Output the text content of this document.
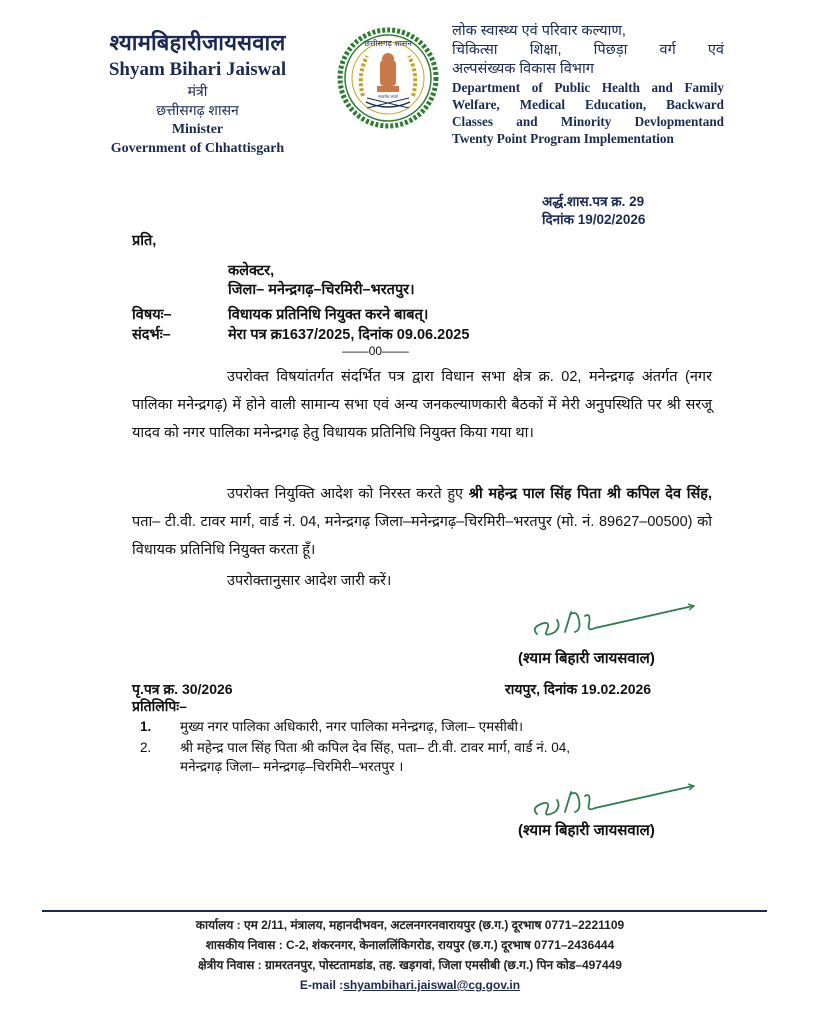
श्यामबिहारीजायसवाल
Shyam Bihari Jaiswal
मंत्री
छत्तीसगढ़ शासन
Minister
Government of Chhattisgarh
छत्तीसगढ़ शासन
सत्यमेव जयते
लोक स्वास्थ्य एवं परिवार कल्याण,
चिकित्सा शिक्षा, पिछड़ा वर्ग एवं
अल्पसंख्यक विकास विभाग
Department of Public Health and Family
Welfare, Medical Education, Backward
Classes and Minority Devlopmentand
Twenty Point Program Implementation
अर्द्ध.शास.पत्र क्र. 29
दिनांक 19/02/2026
प्रति,
कलेक्टर,
जिला– मनेन्द्रगढ़–चिरमिरी–भरतपुर।
विषयः–	विधायक प्रतिनिधि नियुक्त करने बाबत्।
संदर्भः–	मेरा पत्र क्र1637/2025, दिनांक 09.06.2025
––––00––––
उपरोक्त विषयांतर्गत संदर्भित पत्र द्वारा विधान सभा क्षेत्र क्र. 02, मनेन्द्रगढ़ अंतर्गत (नगर पालिका मनेन्द्रगढ़) में होने वाली सामान्य सभा एवं अन्य जनकल्याणकारी बैठकों में मेरी अनुपस्थिति पर श्री सरजू यादव को नगर पालिका मनेन्द्रगढ़ हेतु विधायक प्रतिनिधि नियुक्त किया गया था।
उपरोक्त नियुक्ति आदेश को निरस्त करते हुए श्री महेन्द्र पाल सिंह पिता श्री कपिल देव सिंह, पता– टी.वी. टावर मार्ग, वार्ड नं. 04, मनेन्द्रगढ़ जिला–मनेन्द्रगढ़–चिरमिरी–भरतपुर (मो. नं. 89627–00500) को विधायक प्रतिनिधि नियुक्त करता हूँ।
उपरोक्तानुसार आदेश जारी करें।
(श्याम बिहारी जायसवाल)
पृ.पत्र क्र. 30/2026	रायपुर, दिनांक 19.02.2026
प्रतिलिपिः–
1. मुख्य नगर पालिका अधिकारी, नगर पालिका मनेन्द्रगढ़, जिला– एमसीबी।
2. श्री महेन्द्र पाल सिंह पिता श्री कपिल देव सिंह, पता– टी.वी. टावर मार्ग, वार्ड नं. 04,
मनेन्द्रगढ़ जिला– मनेन्द्रगढ़–चिरमिरी–भरतपुर ।
(श्याम बिहारी जायसवाल)
कार्यालय : एम 2/11, मंत्रालय, महानदीभवन, अटलनगरनवारायपुर (छ.ग.) दूरभाष 0771–2221109
शासकीय निवास : C-2, शंकरनगर, केनाललिंकिगरोड, रायपुर (छ.ग.) दूरभाष 0771–2436444
क्षेत्रीय निवास : ग्रामरतनपुर, पोस्टतामडांड, तह. खड़गवां, जिला एमसीबी (छ.ग.) पिन कोड–497449
E-mail :shyambihari.jaiswal@cg.gov.in
